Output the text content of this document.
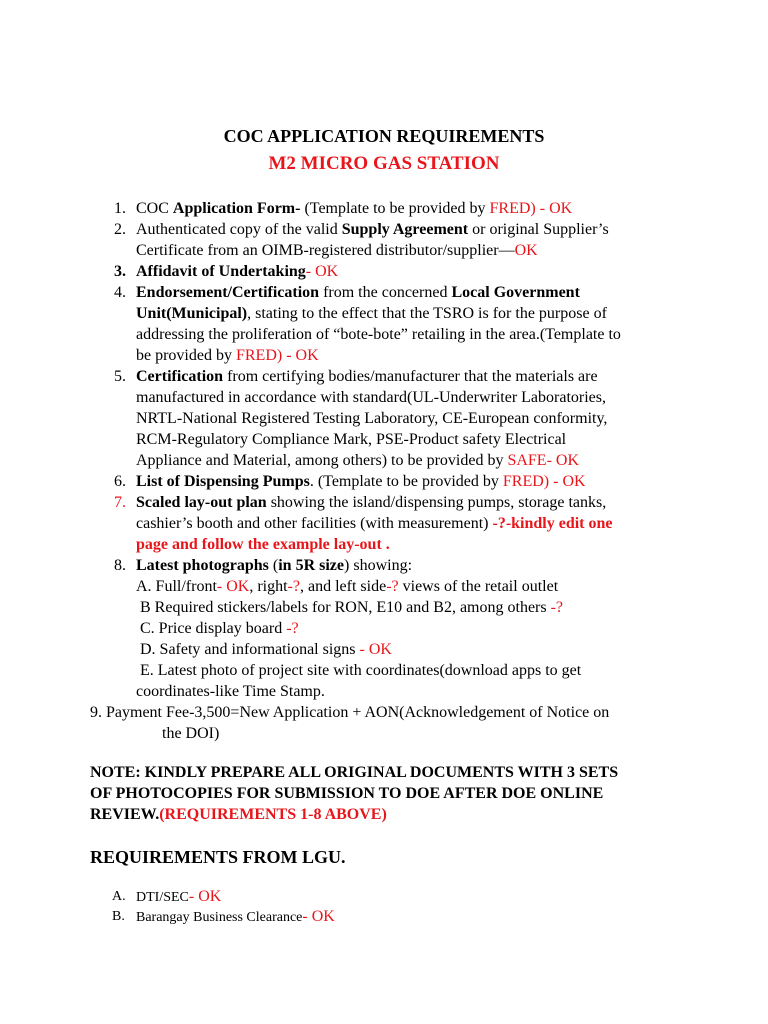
COC APPLICATION REQUIREMENTS
M2 MICRO GAS STATION
1. COC Application Form- (Template to be provided by FRED) - OK
2. Authenticated copy of the valid Supply Agreement or original Supplier’s
Certificate from an OIMB-registered distributor/supplier—OK
3. Affidavit of Undertaking- OK
4. Endorsement/Certification from the concerned Local Government
Unit(Municipal), stating to the effect that the TSRO is for the purpose of
addressing the proliferation of “bote-bote” retailing in the area.(Template to
be provided by FRED) - OK
5. Certification from certifying bodies/manufacturer that the materials are
manufactured in accordance with standard(UL-Underwriter Laboratories,
NRTL-National Registered Testing Laboratory, CE-European conformity,
RCM-Regulatory Compliance Mark, PSE-Product safety Electrical
Appliance and Material, among others) to be provided by SAFE- OK
6. List of Dispensing Pumps. (Template to be provided by FRED) - OK
7. Scaled lay-out plan showing the island/dispensing pumps, storage tanks,
cashier’s booth and other facilities (with measurement) -?-kindly edit one
page and follow the example lay-out .
8. Latest photographs (in 5R size) showing:
A. Full/front- OK, right-?, and left side-? views of the retail outlet
B Required stickers/labels for RON, E10 and B2, among others -?
C. Price display board -?
D. Safety and informational signs - OK
E. Latest photo of project site with coordinates(download apps to get
coordinates-like Time Stamp.
9. Payment Fee-3,500=New Application + AON(Acknowledgement of Notice on
the DOI)
NOTE: KINDLY PREPARE ALL ORIGINAL DOCUMENTS WITH 3 SETS
OF PHOTOCOPIES FOR SUBMISSION TO DOE AFTER DOE ONLINE
REVIEW.(REQUIREMENTS 1-8 ABOVE)
REQUIREMENTS FROM LGU.
A. DTI/SEC- OK
B. Barangay Business Clearance- OK
